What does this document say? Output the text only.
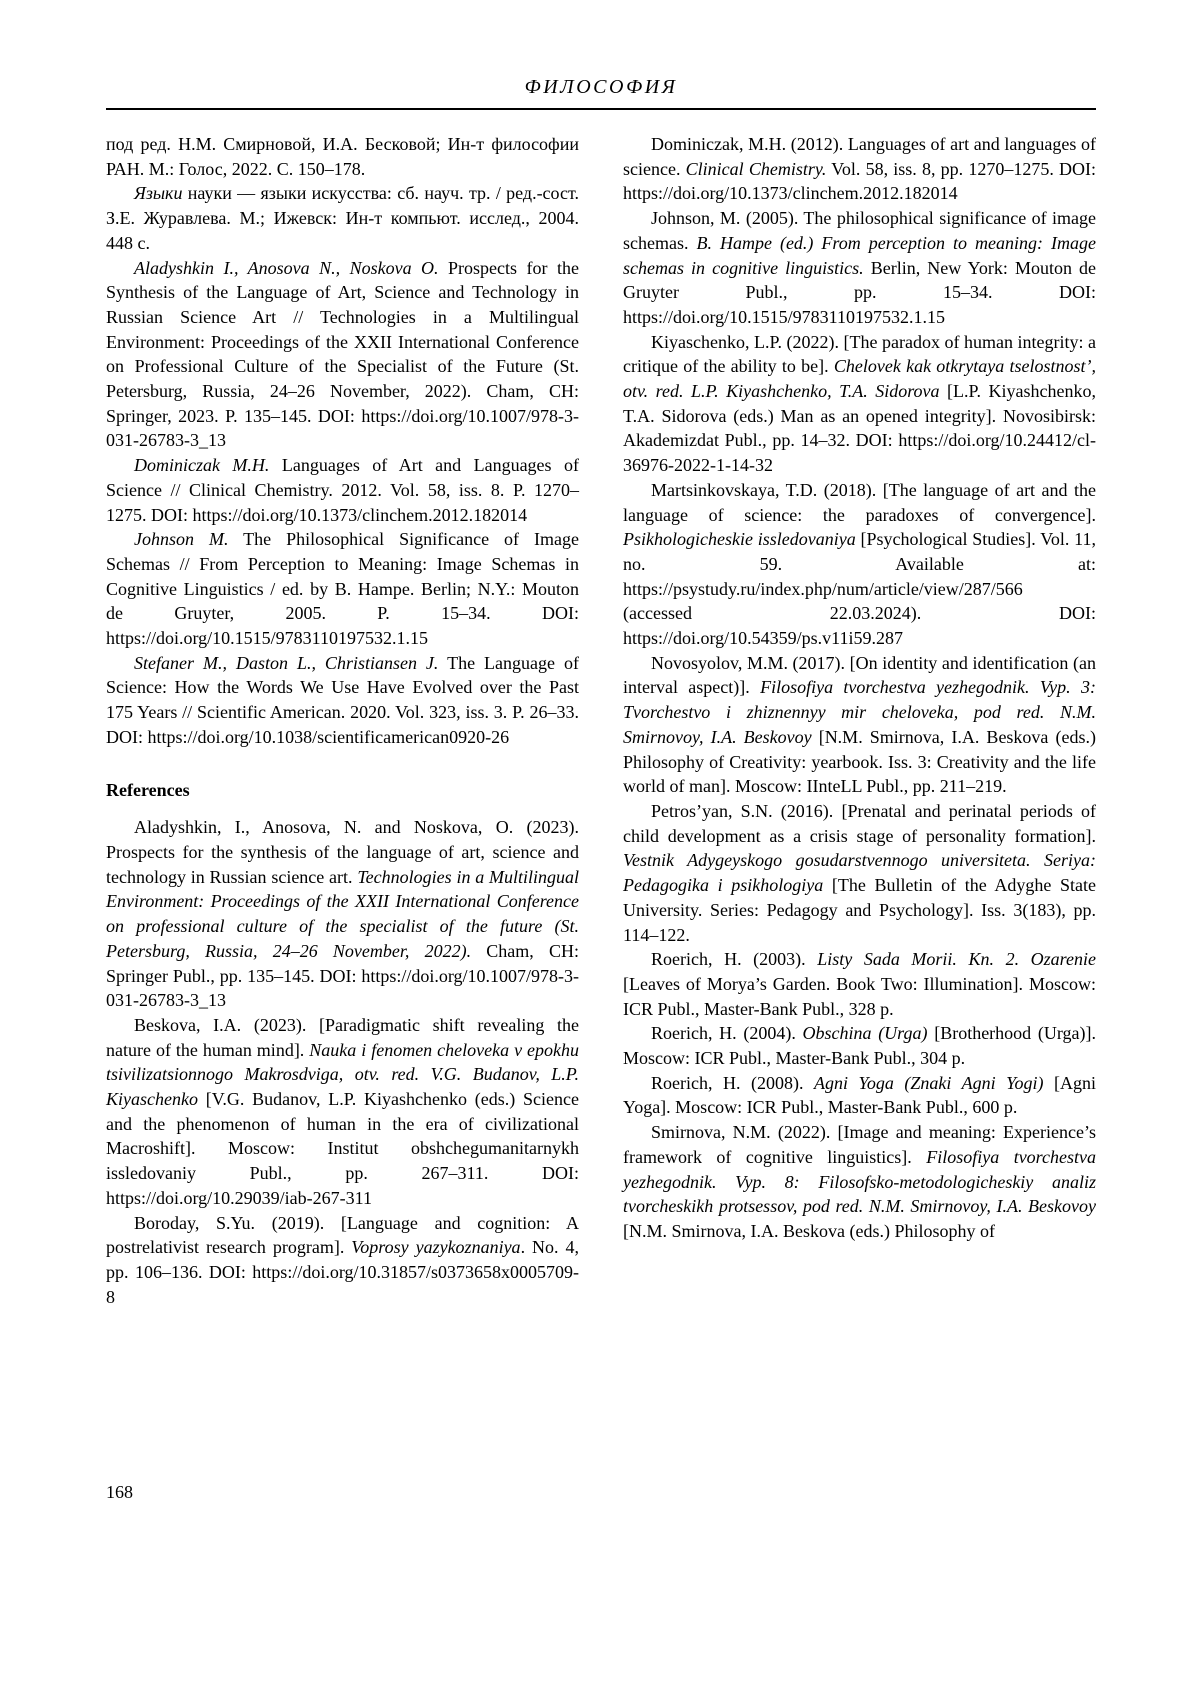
ФИЛОСОФИЯ

под ред. Н.М. Смирновой, И.А. Бесковой; Ин-т философии РАН. М.: Голос, 2022. С. 150–178.

Языки науки — языки искусства: сб. науч. тр. / ред.-сост. З.Е. Журавлева. М.; Ижевск: Ин-т компьют. исслед., 2004. 448 с.

Aladyshkin I., Anosova N., Noskova O. Prospects for the Synthesis of the Language of Art, Science and Technology in Russian Science Art // Technologies in a Multilingual Environment: Proceedings of the XXII International Conference on Professional Culture of the Specialist of the Future (St. Petersburg, Russia, 24–26 November, 2022). Cham, CH: Springer, 2023. P. 135–145. DOI: https://doi.org/10.1007/978-3-031-26783-3_13

Dominiczak M.H. Languages of Art and Languages of Science // Clinical Chemistry. 2012. Vol. 58, iss. 8. P. 1270–1275. DOI: https://doi.org/10.1373/clinchem.2012.182014

Johnson M. The Philosophical Significance of Image Schemas // From Perception to Meaning: Image Schemas in Cognitive Linguistics / ed. by B. Hampe. Berlin; N.Y.: Mouton de Gruyter, 2005. P. 15–34. DOI: https://doi.org/10.1515/9783110197532.1.15

Stefaner M., Daston L., Christiansen J. The Language of Science: How the Words We Use Have Evolved over the Past 175 Years // Scientific American. 2020. Vol. 323, iss. 3. P. 26–33. DOI: https://doi.org/10.1038/scientificamerican0920-26

References

Aladyshkin, I., Anosova, N. and Noskova, O. (2023). Prospects for the synthesis of the language of art, science and technology in Russian science art. Technologies in a Multilingual Environment: Proceedings of the XXII International Conference on professional culture of the specialist of the future (St. Petersburg, Russia, 24–26 November, 2022). Cham, CH: Springer Publ., pp. 135–145. DOI: https://doi.org/10.1007/978-3-031-26783-3_13

Beskova, I.A. (2023). [Paradigmatic shift revealing the nature of the human mind]. Nauka i fenomen cheloveka v epokhu tsivilizatsionnogo Makrosdviga, otv. red. V.G. Budanov, L.P. Kiyaschenko [V.G. Budanov, L.P. Kiyashchenko (eds.) Science and the phenomenon of human in the era of civilizational Macroshift]. Moscow: Institut obshchegumanitarnykh issledovaniy Publ., pp. 267–311. DOI: https://doi.org/10.29039/iab-267-311

Boroday, S.Yu. (2019). [Language and cognition: A postrelativist research program]. Voprosy yazykoznaniya. No. 4, pp. 106–136. DOI: https://doi.org/10.31857/s0373658x0005709-8

Dominiczak, M.H. (2012). Languages of art and languages of science. Clinical Chemistry. Vol. 58, iss. 8, pp. 1270–1275. DOI: https://doi.org/10.1373/clinchem.2012.182014

Johnson, M. (2005). The philosophical significance of image schemas. B. Hampe (ed.) From perception to meaning: Image schemas in cognitive linguistics. Berlin, New York: Mouton de Gruyter Publ., pp. 15–34. DOI: https://doi.org/10.1515/9783110197532.1.15

Kiyaschenko, L.P. (2022). [The paradox of human integrity: a critique of the ability to be]. Chelovek kak otkrytaya tselostnost’, otv. red. L.P. Kiyashchenko, T.A. Sidorova [L.P. Kiyashchenko, T.A. Sidorova (eds.) Man as an opened integrity]. Novosibirsk: Akademizdat Publ., pp. 14–32. DOI: https://doi.org/10.24412/cl-36976-2022-1-14-32

Martsinkovskaya, T.D. (2018). [The language of art and the language of science: the paradoxes of convergence]. Psikhologicheskie issledovaniya [Psychological Studies]. Vol. 11, no. 59. Available at: https://psystudy.ru/index.php/num/article/view/287/566 (accessed 22.03.2024). DOI: https://doi.org/10.54359/ps.v11i59.287

Novosyolov, M.M. (2017). [On identity and identification (an interval aspect)]. Filosofiya tvorchestva yezhegodnik. Vyp. 3: Tvorchestvo i zhiznennyy mir cheloveka, pod red. N.M. Smirnovoy, I.A. Beskovoy [N.M. Smirnova, I.A. Beskova (eds.) Philosophy of Creativity: yearbook. Iss. 3: Creativity and the life world of man]. Moscow: IInteLL Publ., pp. 211–219.

Petros’yan, S.N. (2016). [Prenatal and perinatal periods of child development as a crisis stage of personality formation]. Vestnik Adygeyskogo gosudarstvennogo universiteta. Seriya: Pedagogika i psikhologiya [The Bulletin of the Adyghe State University. Series: Pedagogy and Psychology]. Iss. 3(183), pp. 114–122.

Roerich, H. (2003). Listy Sada Morii. Kn. 2. Ozarenie [Leaves of Morya’s Garden. Book Two: Illumination]. Moscow: ICR Publ., Master-Bank Publ., 328 p.

Roerich, H. (2004). Obschina (Urga) [Brotherhood (Urga)]. Moscow: ICR Publ., Master-Bank Publ., 304 p.

Roerich, H. (2008). Agni Yoga (Znaki Agni Yogi) [Agni Yoga]. Moscow: ICR Publ., Master-Bank Publ., 600 p.

Smirnova, N.M. (2022). [Image and meaning: Experience’s framework of cognitive linguistics]. Filosofiya tvorchestva yezhegodnik. Vyp. 8: Filosofsko-metodologicheskiy analiz tvorcheskikh protsessov, pod red. N.M. Smirnovoy, I.A. Beskovoy [N.M. Smirnova, I.A. Beskova (eds.) Philosophy of

168
